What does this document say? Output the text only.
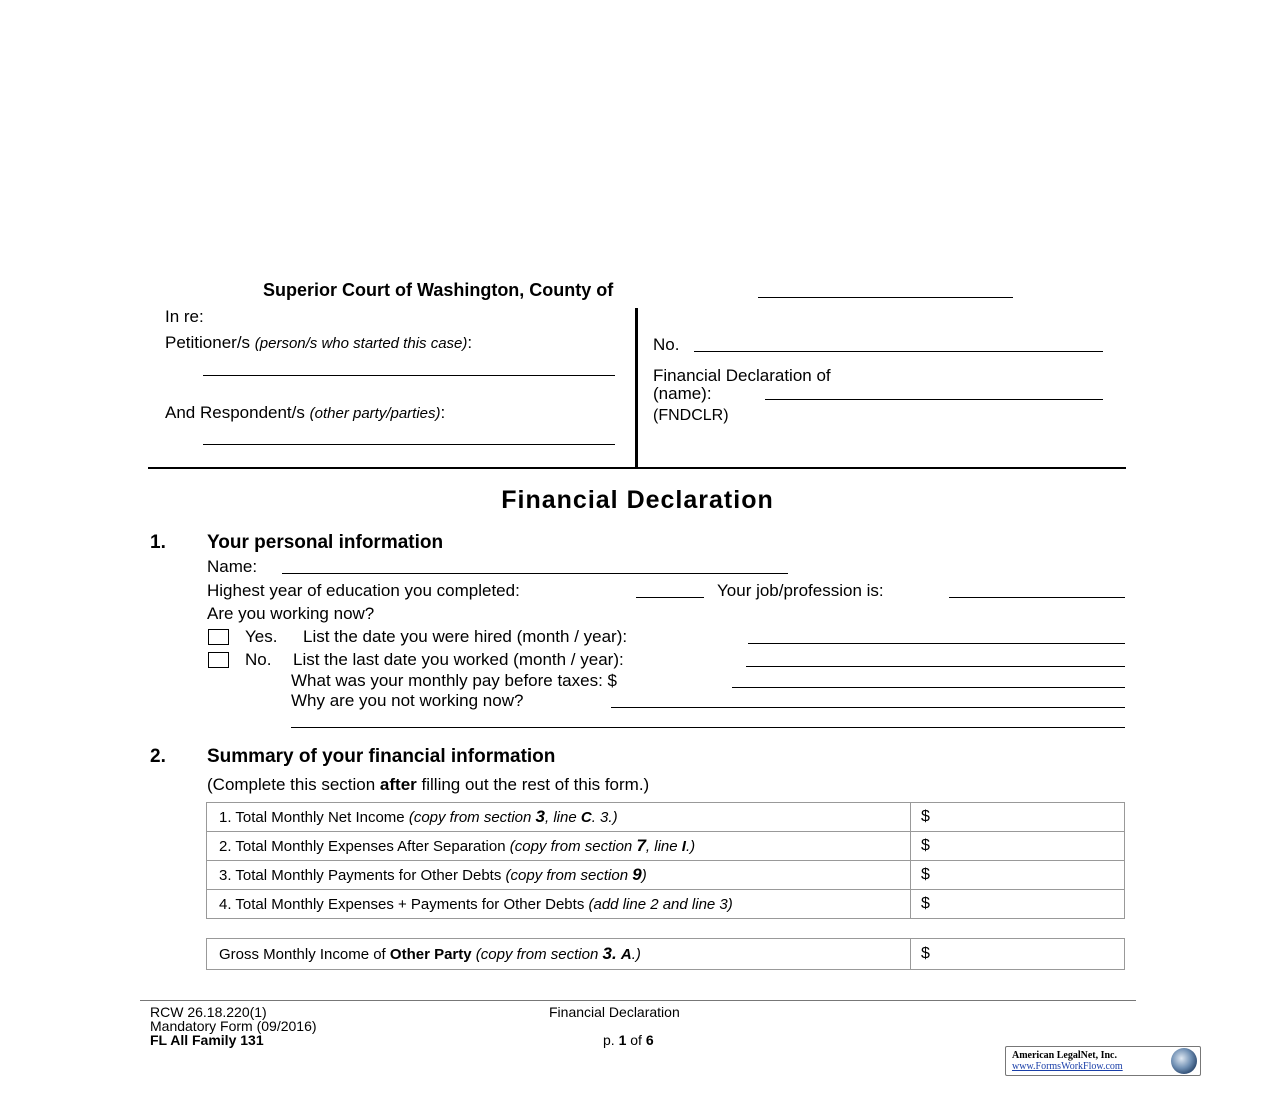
Superior Court of Washington, County of
In re:
Petitioner/s (person/s who started this case):
And Respondent/s (other party/parties):
No.
Financial Declaration of
(name):
(FNDCLR)
Financial Declaration
1. Your personal information
Name:
Highest year of education you completed:	Your job/profession is:
Are you working now?
Yes. List the date you were hired (month / year):
No. List the last date you worked (month / year):
What was your monthly pay before taxes: $
Why are you not working now?
2. Summary of your financial information
(Complete this section after filling out the rest of this form.)
1. Total Monthly Net Income (copy from section 3, line C. 3.)	$
2. Total Monthly Expenses After Separation (copy from section 7, line I.)	$
3. Total Monthly Payments for Other Debts (copy from section 9)	$
4. Total Monthly Expenses + Payments for Other Debts (add line 2 and line 3)	$
Gross Monthly Income of Other Party (copy from section 3. A.)	$
RCW 26.18.220(1)
Mandatory Form (09/2016)
FL All Family 131
Financial Declaration
p. 1 of 6
American LegalNet, Inc.
www.FormsWorkFlow.com
